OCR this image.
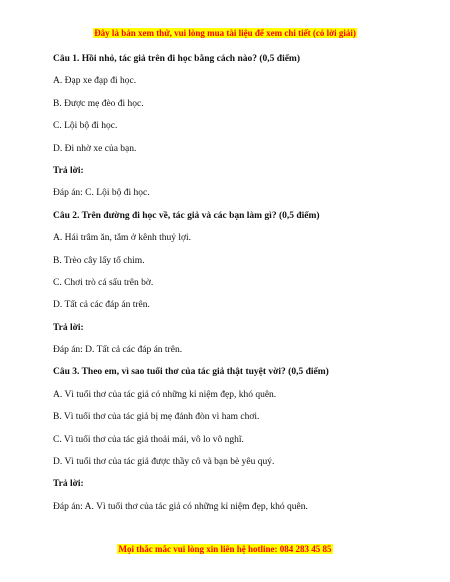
Đây là bản xem thử, vui lòng mua tài liệu để xem chi tiết (có lời giải)
Câu 1. Hồi nhỏ, tác giả trên đi học bằng cách nào? (0,5 điểm)
A. Đạp xe đạp đi học.
B. Được mẹ đèo đi học.
C. Lội bộ đi học.
D. Đi nhờ xe của bạn.
Trả lời:
Đáp án: C. Lội bộ đi học.
Câu 2. Trên đường đi học về, tác giả và các bạn làm gì? (0,5 điểm)
A. Hái trâm ăn, tắm ở kênh thuỷ lợi.
B. Trèo cây lấy tổ chim.
C. Chơi trò cá sấu trên bờ.
D. Tất cả các đáp án trên.
Trả lời:
Đáp án: D. Tất cả các đáp án trên.
Câu 3. Theo em, vì sao tuổi thơ của tác giả thật tuyệt vời? (0,5 điểm)
A. Vì tuổi thơ của tác giả có những kỉ niệm đẹp, khó quên.
B. Vì tuổi thơ của tác giả bị mẹ đánh đòn vì ham chơi.
C. Vì tuổi thơ của tác giả thoải mái, vô lo vô nghĩ.
D. Vì tuổi thơ của tác giả được thầy cô và bạn bè yêu quý.
Trả lời:
Đáp án: A. Vì tuổi thơ của tác giả có những kỉ niệm đẹp, khó quên.
Mọi thắc mắc vui lòng xin liên hệ hotline: 084 283 45 85
